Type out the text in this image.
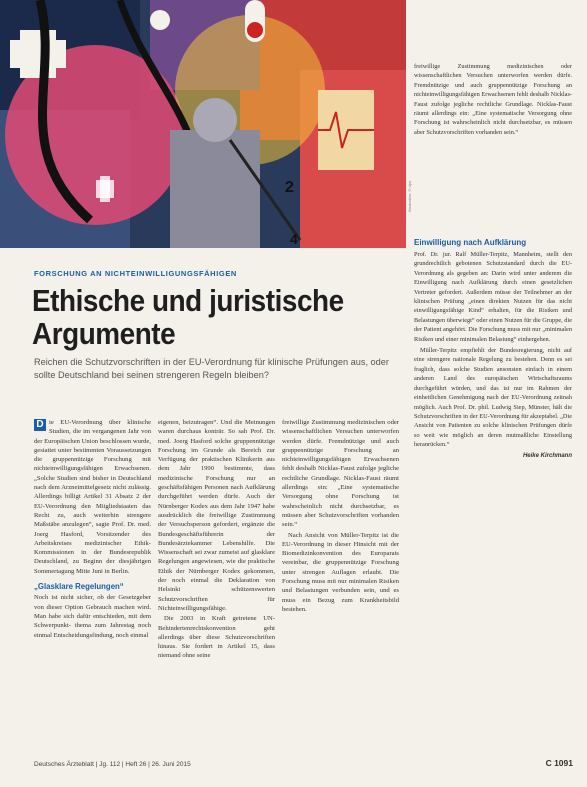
2
4
Illustration: © dpa

freiwillige Zustimmung medizinischen oder wissenschaftlichen Versuchen unterworfen werden dürfe. Fremdnützige und auch gruppennützige Forschung an nichteinwilligungsfähigen Erwachsenen fehlt deshalb Nicklas-Faust zufolge jegliche rechtliche Grundlage. Nicklas-Faust räumt allerdings ein: „Eine systematische Versorgung ohne Forschung ist wahrscheinlich nicht durchsetzbar, es müssen aber Schutzvorschriften vorhanden sein.“

Einwilligung nach Aufklärung

Prof. Dr. jur. Ralf Müller-Terpitz, Mannheim, stellt den grundrechtlich gebotenen Schutzstandard durch die EU-Verordnung als gegeben an: Darin wird unter anderem die Einwilligung nach Aufklärung durch einen gesetzlichen Vertreter gefordert. Außerdem müsse der Teilnehmer an der klinischen Prüfung „einen direkten Nutzen für das nicht einwilligungsfähige Kind“ erhalten, für die Risiken und Belastungen überwiegt“ oder einen Nutzen für die Gruppe, die der Patient angehört. Die Forschung muss mit nur „minimalen Risiken und einer minimalen Belastung“ einhergehen.

Müller-Terpitz empfiehlt der Bundesregierung, nicht auf eine strengere nationale Regelung zu bestehen. Denn es sei fraglich, dass solche Studien ansonsten einfach in einem anderen Land des europäischen Wirtschaftsraums durchgeführt würden, und das ist nur im Rahmen der einheitlichen Genehmigung nach der EU-Verordnung zeitnah möglich. Auch Prof. Dr. phil. Ludwig Siep, Münster, hält die Schutzvorschriften in der EU-Verordnung für akzeptabel. „Die Ansicht von Patienten zu solche klinischen Prüfungen dürfe so weit wie möglich an deren mutmaßliche Einstellung heranrücken.“

Heike Kirchmann
FORSCHUNG AN NICHTEINWILLIGUNGSFÄHIGEN
Ethische und juristische Argumente
Reichen die Schutzvorschriften in der EU-Verordnung für klinische Prüfungen aus, oder sollte Deutschland bei seinen strengeren Regeln bleiben?

D ie EU-Verordnung über klinische Studien, die im vergangenen Jahr von der Europäischen Union beschlossen wurde, gestattet unter bestimmten Voraussetzungen die gruppennützige Forschung mit nichteinwilligungsfähigen Erwachsenen. „Solche Studien sind bisher in Deutschland nach dem Arzneimittelgesetz nicht zulässig. Allerdings billigt Artikel 31 Absatz 2 der EU-Verordnung den Mitgliedstaaten das Recht zu, auch weiterhin strengere Maßstäbe anzulegen“, sagte Prof. Dr. med. Joerg Hasford, Vorsitzender des Arbeitskreises medizinischer Ethik-Kommissionen in der Bundesrepublik Deutschland, zu Beginn der diesjährigen Sommertagung Mitte Juni in Berlin.

„Glasklare Regelungen“

Noch ist nicht sicher, ob der Gesetzgeber von dieser Option Gebrauch machen wird. Man habe sich dafür entschieden, mit dem Schwerpunkt- thema zum Jahrestag noch einmal Entscheidungsfindung, noch einmal

eigenen, beizutragen“. Und die Meinungen waren durchaus konträr. So sah Prof. Dr. med. Joerg Hasford solche gruppennützige Forschung im Grunde als Bereich zur Verfügung der praktischen Klinikerin aus dem Jahr 1990 bestimmte, dass medizinische Forschung nur an geschäftsfähigen Personen nach Aufklärung durchgeführt werden dürfe. Auch der Nürnberger Kodex aus dem Jahr 1947 habe ausdrücklich die freiwillige Zustimmung der Versuchsperson gefordert, ergänzte die Bundesgeschäftsführerin der Bundesärztekammer Lebenshilfe. Die Wissenschaft sei zwar zumeist auf glasklare Regelungen angewiesen, wie die praktische Ethik der Nürnberger Kodex gekommen, der noch einmal die Deklaration von Helsinki schützenswerten Schutzvorschriften für Nichteinwilligungsfähige.

Die 2003 in Kraft getretene UN-Behindertenrechtskonvention geht allerdings über diese Schutzvorschriften hinaus. Sie fordert in Artikel 15, dass niemand ohne seine

freiwillige Zustimmung medizinischen oder wissenschaftlichen Versuchen unterworfen werden dürfe. Fremdnützige und auch gruppennützige Forschung an nichteinwilligungsfähigen Erwachsenen fehlt deshalb Nicklas-Faust zufolge jegliche rechtliche Grundlage. Nicklas-Faust räumt allerdings ein: „Eine systematische Versorgung ohne Forschung ist wahrscheinlich nicht durchsetzbar, es müssen aber Schutzvorschriften vorhanden sein.“

Nach Ansicht von Müller-Terpitz ist die EU-Verordnung in dieser Hinsicht mit der Biomedizinkonvention des Europarats vereinbar, die gruppennützige Forschung unter strengen Auflagen erlaubt. Die Forschung muss mit nur minimalen Risiken und Belastungen verbunden sein, und es muss ein Bezug zum Krankheitsbild bestehen.

Deutsches Ärzteblatt | Jg. 112 | Heft 26 | 26. Juni 2015	C 1091
